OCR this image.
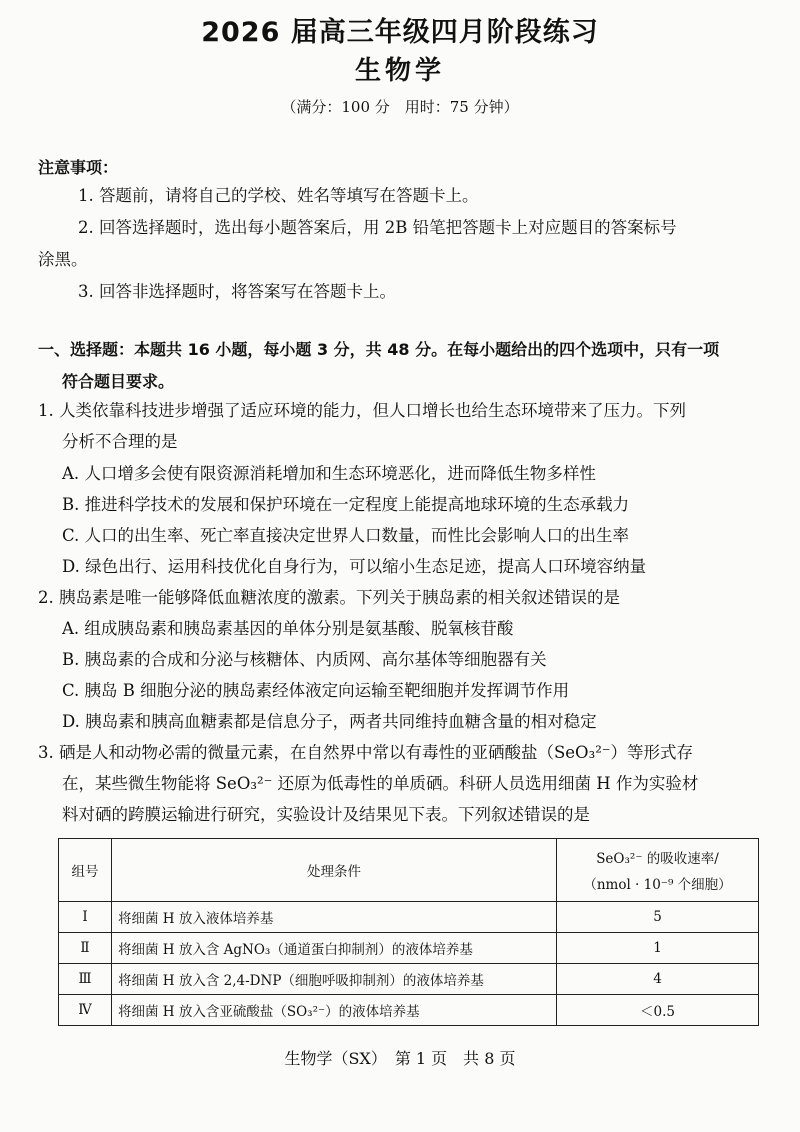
2026 届高三年级四月阶段练习
生物学
（满分：100 分　用时：75 分钟）
注意事项：
1. 答题前，请将自己的学校、姓名等填写在答题卡上。
2. 回答选择题时，选出每小题答案后，用 2B 铅笔把答题卡上对应题目的答案标号
涂黑。
3. 回答非选择题时，将答案写在答题卡上。
一、选择题：本题共 16 小题，每小题 3 分，共 48 分。在每小题给出的四个选项中，只有一项
符合题目要求。
1. 人类依靠科技进步增强了适应环境的能力，但人口增长也给生态环境带来了压力。下列
分析不合理的是
A. 人口增多会使有限资源消耗增加和生态环境恶化，进而降低生物多样性
B. 推进科学技术的发展和保护环境在一定程度上能提高地球环境的生态承载力
C. 人口的出生率、死亡率直接决定世界人口数量，而性比会影响人口的出生率
D. 绿色出行、运用科技优化自身行为，可以缩小生态足迹，提高人口环境容纳量
2. 胰岛素是唯一能够降低血糖浓度的激素。下列关于胰岛素的相关叙述错误的是
A. 组成胰岛素和胰岛素基因的单体分别是氨基酸、脱氧核苷酸
B. 胰岛素的合成和分泌与核糖体、内质网、高尔基体等细胞器有关
C. 胰岛 B 细胞分泌的胰岛素经体液定向运输至靶细胞并发挥调节作用
D. 胰岛素和胰高血糖素都是信息分子，两者共同维持血糖含量的相对稳定
3. 硒是人和动物必需的微量元素，在自然界中常以有毒性的亚硒酸盐（SeO₃²⁻）等形式存
在，某些微生物能将 SeO₃²⁻ 还原为低毒性的单质硒。科研人员选用细菌 H 作为实验材
料对硒的跨膜运输进行研究，实验设计及结果见下表。下列叙述错误的是
组号	处理条件	SeO₃²⁻ 的吸收速率/
（nmol · 10⁻⁹ 个细胞）

Ⅰ	将细菌 H 放入液体培养基	5
Ⅱ	将细菌 H 放入含 AgNO₃（通道蛋白抑制剂）的液体培养基	1
Ⅲ	将细菌 H 放入含 2,4-DNP（细胞呼吸抑制剂）的液体培养基	4
Ⅳ	将细菌 H 放入含亚硫酸盐（SO₃²⁻）的液体培养基	＜0.5
生物学（SX）　第 1 页　共 8 页
